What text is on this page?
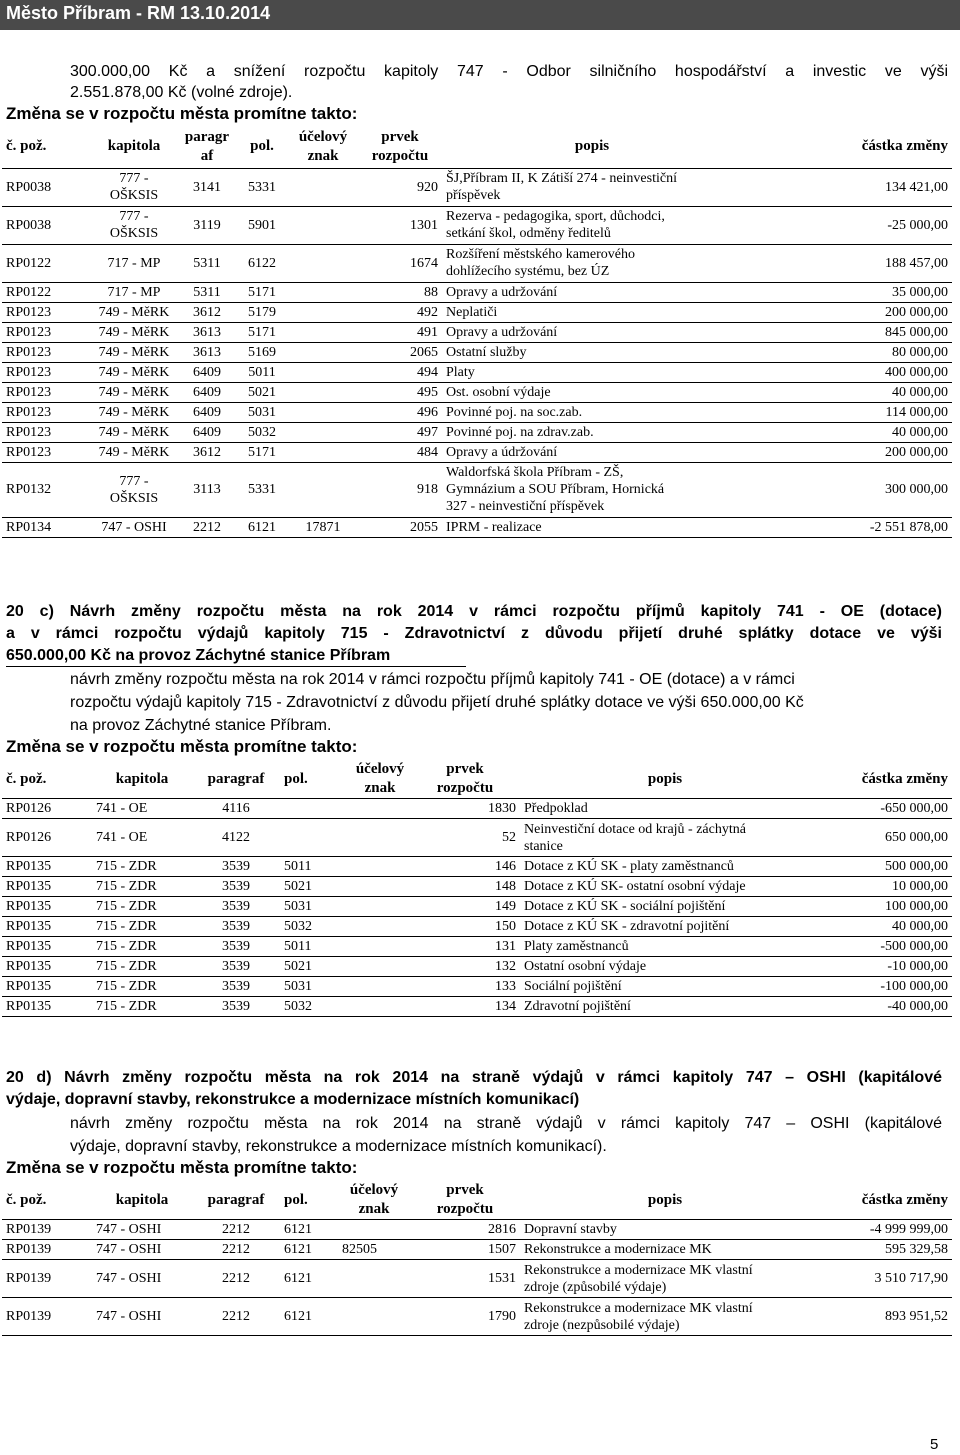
Město Příbram - RM 13.10.2014
300.000,00 Kč a snížení rozpočtu kapitoly 747 - Odbor silničního hospodářství a investic ve výši
2.551.878,00 Kč (volné zdroje).
Změna se v rozpočtu města promítne takto:
č. pož.	kapitola	paragr
af	pol.	účelový
znak	prvek
rozpočtu	popis	částka změny
RP0038	777 -
OŠKSIS	3141	5331		920	ŠJ,Příbram II, K Zátiší 274 - neinvestiční
příspěvek	134 421,00
RP0038	777 -
OŠKSIS	3119	5901		1301	Rezerva - pedagogika, sport, důchodci,
setkání škol, odměny ředitelů	-25 000,00
RP0122	717 - MP	5311	6122		1674	Rozšíření městského kamerového
dohlížecího systému, bez ÚZ	188 457,00
RP0122	717 - MP	5311	5171		88	Opravy a udržování	35 000,00
RP0123	749 - MěRK	3612	5179		492	Neplatiči	200 000,00
RP0123	749 - MěRK	3613	5171		491	Opravy a udržování	845 000,00
RP0123	749 - MěRK	3613	5169		2065	Ostatní služby	80 000,00
RP0123	749 - MěRK	6409	5011		494	Platy	400 000,00
RP0123	749 - MěRK	6409	5021		495	Ost. osobní výdaje	40 000,00
RP0123	749 - MěRK	6409	5031		496	Povinné poj. na soc.zab.	114 000,00
RP0123	749 - MěRK	6409	5032		497	Povinné poj. na zdrav.zab.	40 000,00
RP0123	749 - MěRK	3612	5171		484	Opravy a údržování	200 000,00
RP0132	777 -
OŠKSIS	3113	5331		918	Waldorfská škola Příbram - ZŠ,
Gymnázium a SOU Příbram, Hornická
327 - neinvestiční příspěvek	300 000,00
RP0134	747 - OSHI	2212	6121	17871	2055	IPRM - realizace	-2 551 878,00
20 c) Návrh změny rozpočtu města na rok 2014 v rámci rozpočtu příjmů kapitoly 741 - OE (dotace)
a v rámci rozpočtu výdajů kapitoly 715 - Zdravotnictví z důvodu přijetí druhé splátky dotace ve výši
650.000,00 Kč na provoz Záchytné stanice Příbram
návrh změny rozpočtu města na rok 2014 v rámci rozpočtu příjmů kapitoly 741 - OE (dotace) a v rámci
rozpočtu výdajů kapitoly 715 - Zdravotnictví z důvodu přijetí druhé splátky dotace ve výši 650.000,00 Kč
na provoz Záchytné stanice Příbram.
Změna se v rozpočtu města promítne takto:
č. pož.	kapitola	paragraf	pol.	účelový
znak	prvek
rozpočtu	popis	částka změny
RP0126	741 - OE	4116			1830	Předpoklad	-650 000,00
RP0126	741 - OE	4122			52	Neinvestiční dotace od krajů - záchytná
stanice	650 000,00
RP0135	715 - ZDR	3539	5011		146	Dotace z KÚ SK - platy zaměstnanců	500 000,00
RP0135	715 - ZDR	3539	5021		148	Dotace z KÚ SK- ostatní osobní výdaje	10 000,00
RP0135	715 - ZDR	3539	5031		149	Dotace z KÚ SK - sociální pojištění	100 000,00
RP0135	715 - ZDR	3539	5032		150	Dotace z KÚ SK - zdravotní pojitění	40 000,00
RP0135	715 - ZDR	3539	5011		131	Platy zaměstnanců	-500 000,00
RP0135	715 - ZDR	3539	5021		132	Ostatní osobní výdaje	-10 000,00
RP0135	715 - ZDR	3539	5031		133	Sociální pojištění	-100 000,00
RP0135	715 - ZDR	3539	5032		134	Zdravotní pojištění	-40 000,00
20 d) Návrh změny rozpočtu města na rok 2014 na straně výdajů v rámci kapitoly 747 – OSHI (kapitálové
výdaje, dopravní stavby, rekonstrukce a modernizace místních komunikací)
návrh změny rozpočtu města na rok 2014 na straně výdajů v rámci kapitoly 747 – OSHI (kapitálové
výdaje, dopravní stavby, rekonstrukce a modernizace místních komunikací).
Změna se v rozpočtu města promítne takto:
č. pož.	kapitola	paragraf	pol.	účelový
znak	prvek
rozpočtu	popis	částka změny
RP0139	747 - OSHI	2212	6121		2816	Dopravní stavby	-4 999 999,00
RP0139	747 - OSHI	2212	6121	82505	1507	Rekonstrukce a modernizace MK	595 329,58
RP0139	747 - OSHI	2212	6121		1531	Rekonstrukce a modernizace MK vlastní
zdroje (způsobilé výdaje)	3 510 717,90
RP0139	747 - OSHI	2212	6121		1790	Rekonstrukce a modernizace MK vlastní
zdroje (nezpůsobilé výdaje)	893 951,52
5
